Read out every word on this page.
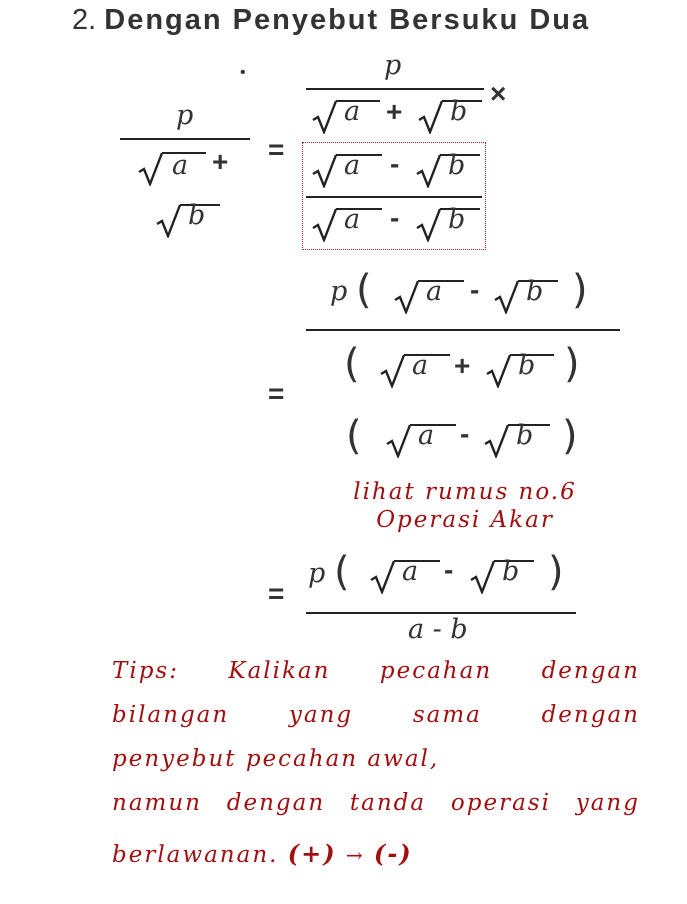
2. Dengan Penyebut Bersuku Dua
•
p
a +
b
=
p
a + b
×
a - b
a - b
p ( a - b )
( a + b )
=
( a - b )
lihat rumus no.6
Operasi Akar
p ( a - b )
=
a - b
Tips: Kalikan pecahan dengan
bilangan	yang	sama	dengan
penyebut pecahan awal,
namun dengan tanda operasi yang
berlawanan. (+) → (-)
